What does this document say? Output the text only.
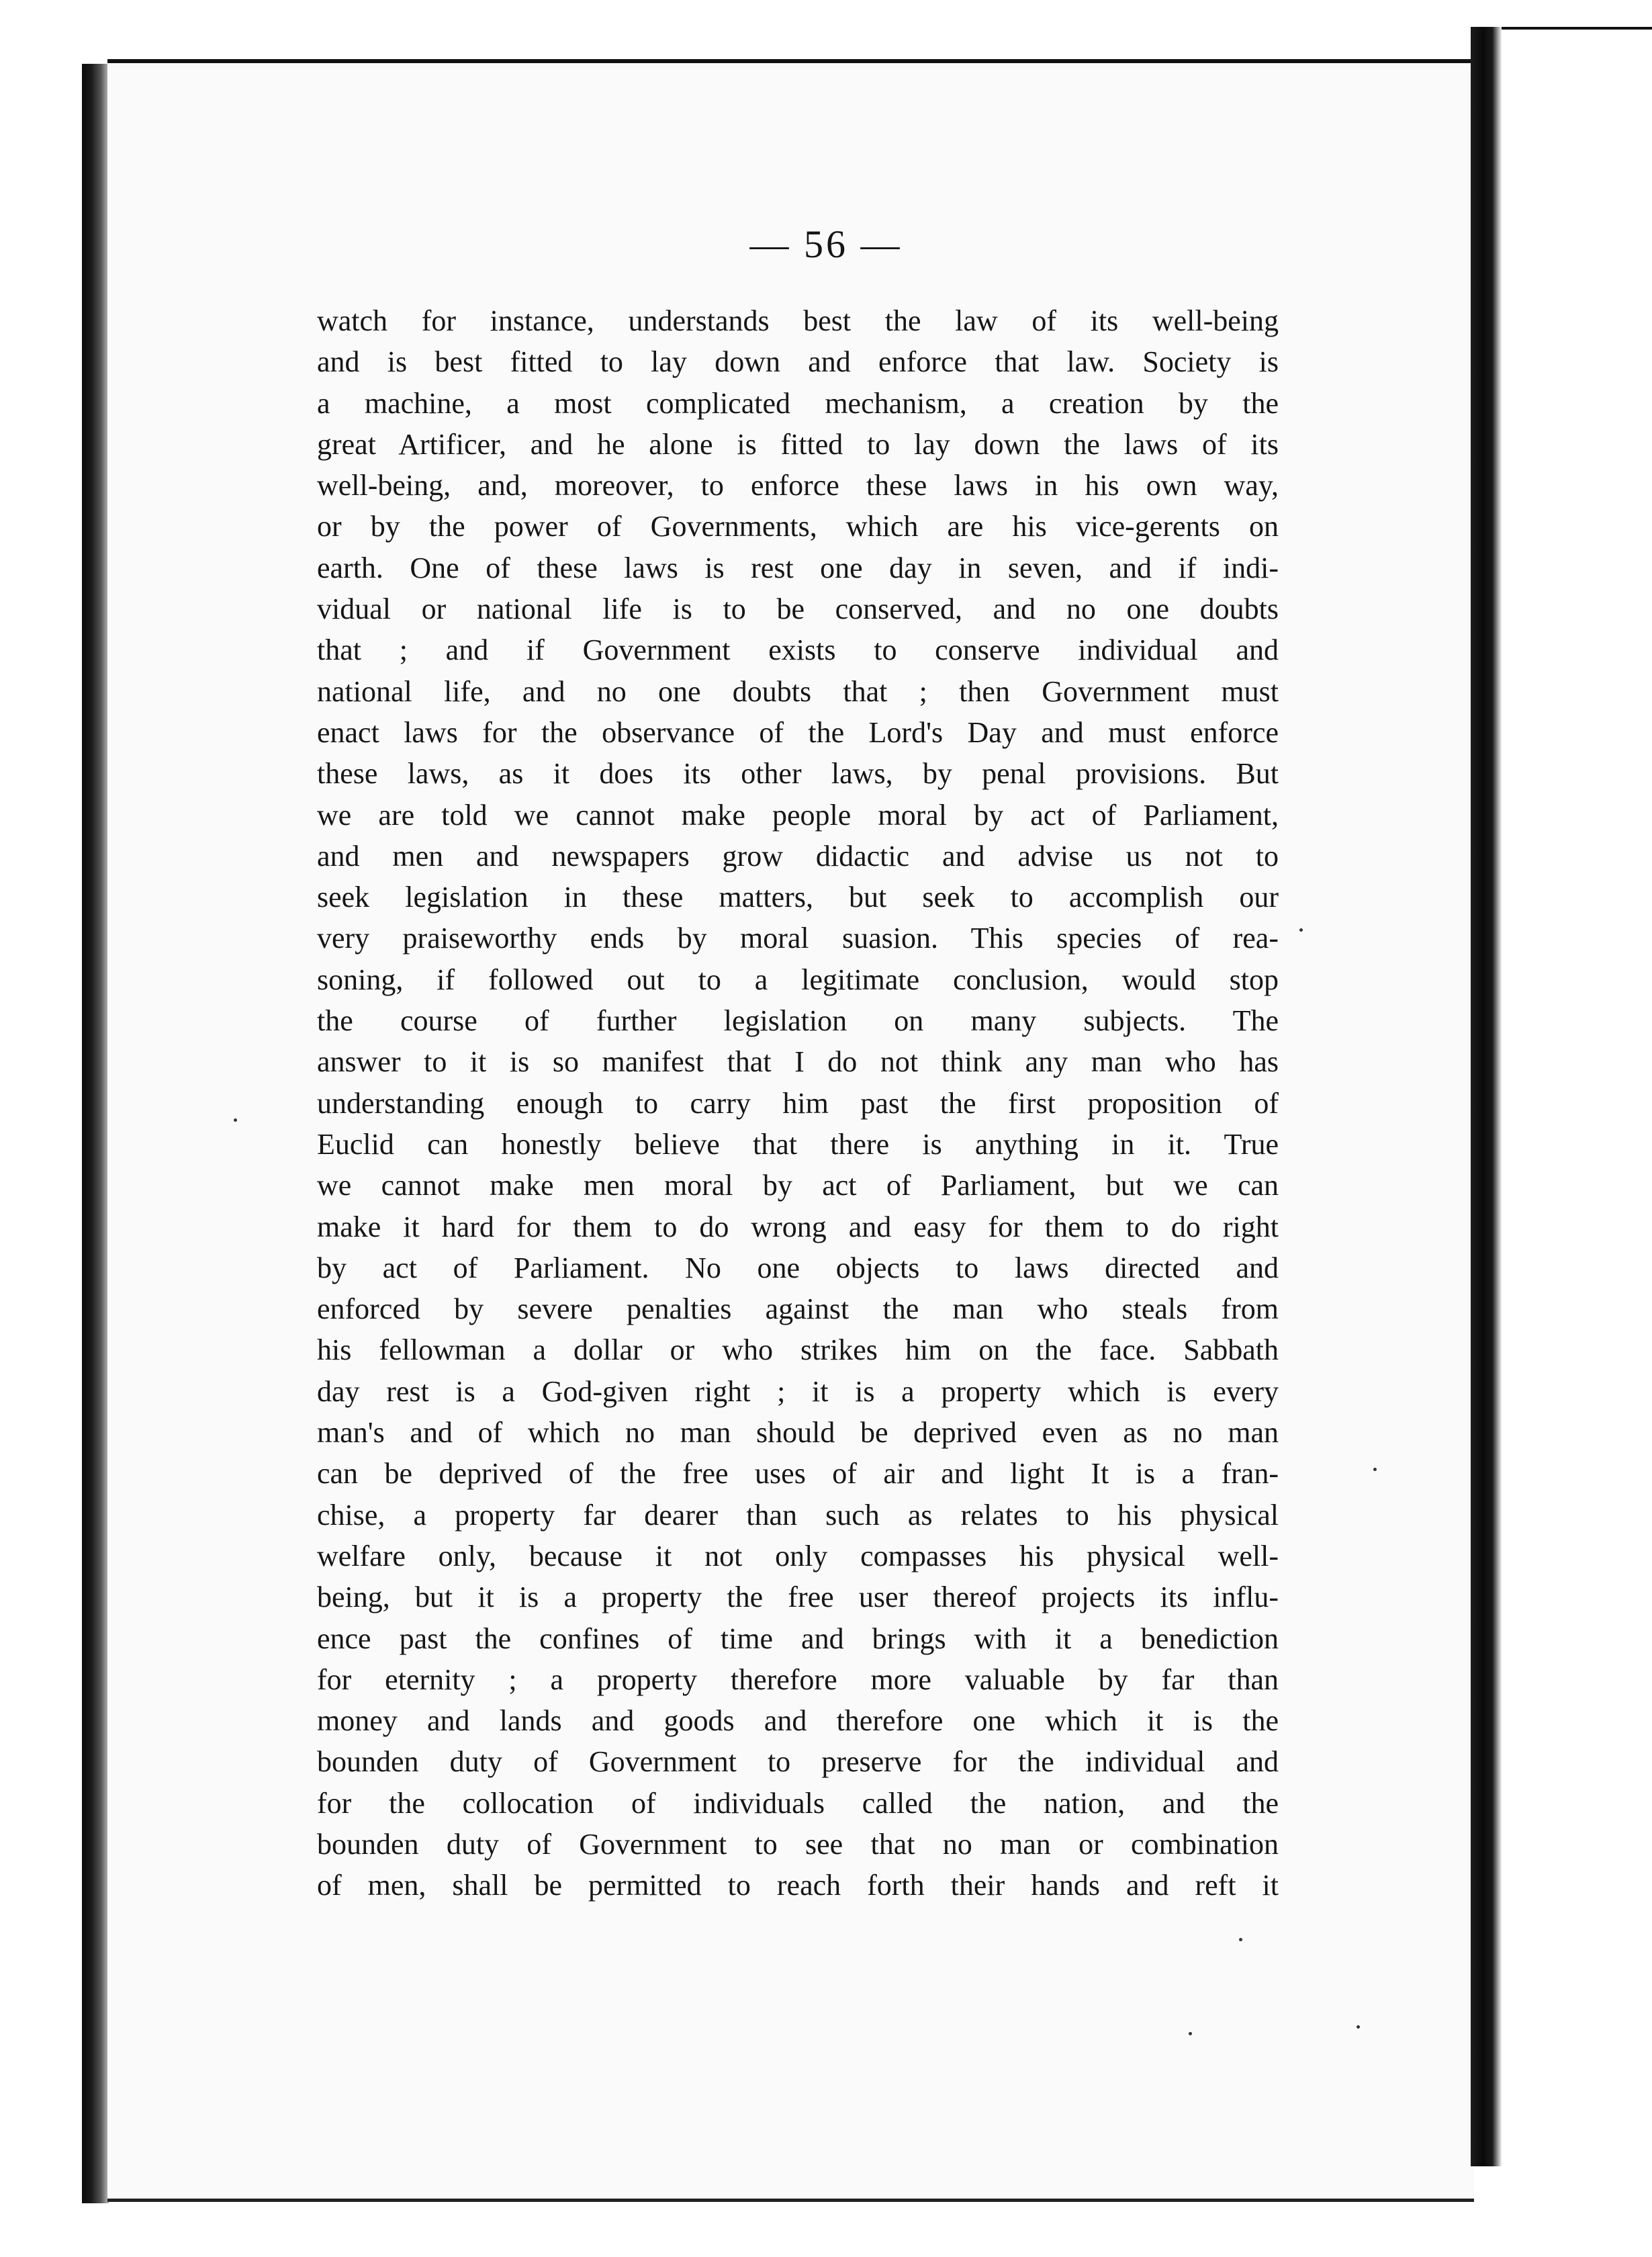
— 56 —
watch for instance, understands best the law of its well-being
and is best fitted to lay down and enforce that law. Society is
a machine, a most complicated mechanism, a creation by the
great Artificer, and he alone is fitted to lay down the laws of its
well-being, and, moreover, to enforce these laws in his own way,
or by the power of Governments, which are his vice-gerents on
earth. One of these laws is rest one day in seven, and if indi-
vidual or national life is to be conserved, and no one doubts
that ; and if Government exists to conserve individual and
national life, and no one doubts that ; then Government must
enact laws for the observance of the Lord's Day and must enforce
these laws, as it does its other laws, by penal provisions. But
we are told we cannot make people moral by act of Parliament,
and men and newspapers grow didactic and advise us not to
seek legislation in these matters, but seek to accomplish our
very praiseworthy ends by moral suasion. This species of rea-
soning, if followed out to a legitimate conclusion, would stop
the course of further legislation on many subjects. The
answer to it is so manifest that I do not think any man who has
understanding enough to carry him past the first proposition of
Euclid can honestly believe that there is anything in it. True
we cannot make men moral by act of Parliament, but we can
make it hard for them to do wrong and easy for them to do right
by act of Parliament. No one objects to laws directed and
enforced by severe penalties against the man who steals from
his fellowman a dollar or who strikes him on the face. Sabbath
day rest is a God-given right ; it is a property which is every
man's and of which no man should be deprived even as no man
can be deprived of the free uses of air and light It is a fran-
chise, a property far dearer than such as relates to his physical
welfare only, because it not only compasses his physical well-
being, but it is a property the free user thereof projects its influ-
ence past the confines of time and brings with it a benediction
for eternity ; a property therefore more valuable by far than
money and lands and goods and therefore one which it is the
bounden duty of Government to preserve for the individual and
for the collocation of individuals called the nation, and the
bounden duty of Government to see that no man or combination
of men, shall be permitted to reach forth their hands and reft it
